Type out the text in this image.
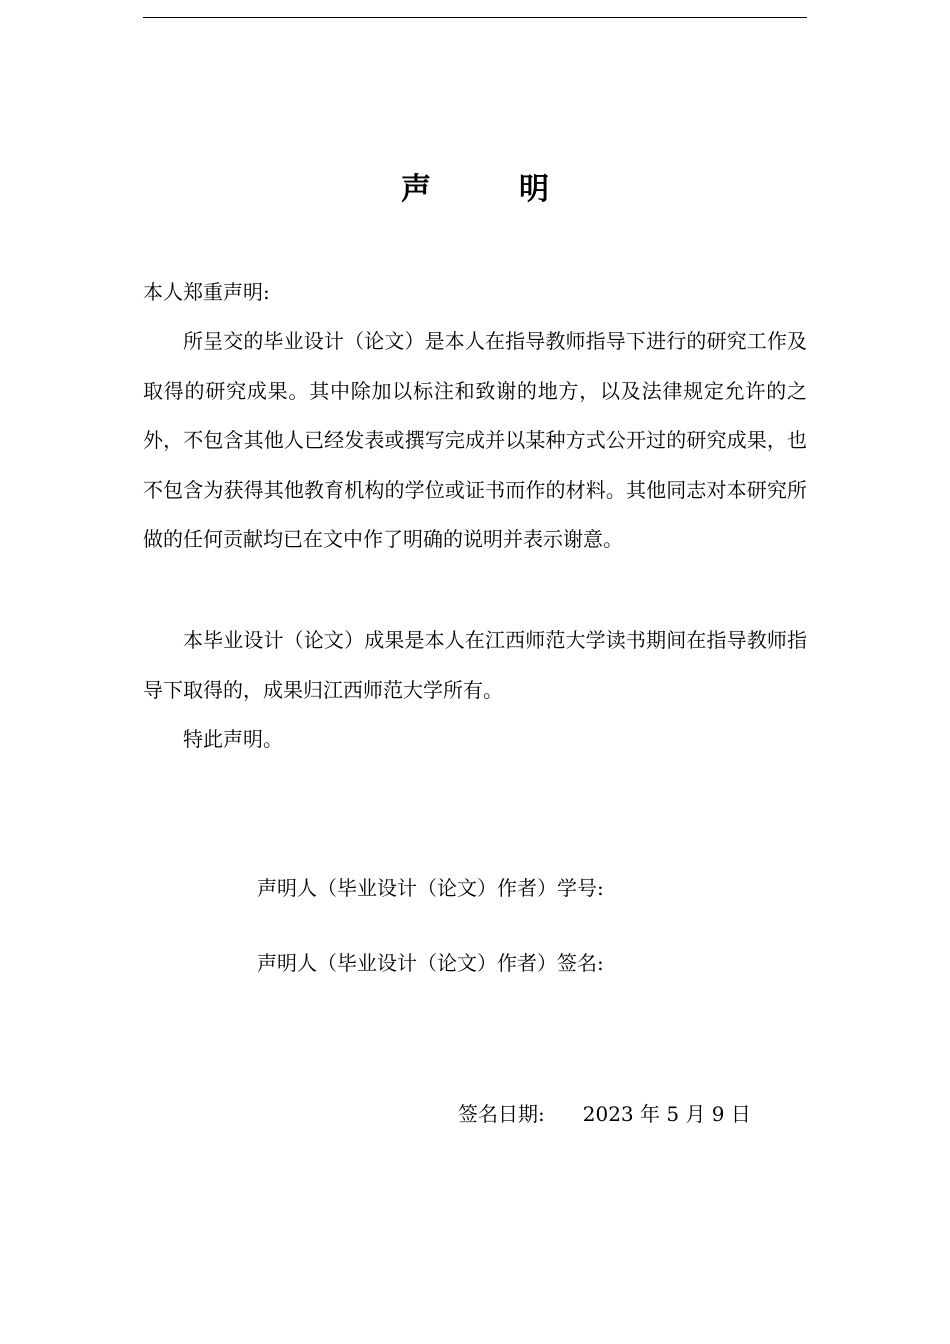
声	明
本人郑重声明:

所呈交的毕业设计（论文）是本人在指导教师指导下进行的研究工作及取得的研究成果。其中除加以标注和致谢的地方，以及法律规定允许的之外，不包含其他人已经发表或撰写完成并以某种方式公开过的研究成果，也不包含为获得其他教育机构的学位或证书而作的材料。其他同志对本研究所做的任何贡献均已在文中作了明确的说明并表示谢意。

本毕业设计（论文）成果是本人在江西师范大学读书期间在指导教师指导下取得的，成果归江西师范大学所有。

特此声明。

声明人（毕业设计（论文）作者）学号:
声明人（毕业设计（论文）作者）签名:
签名日期: 2023 年 5 月 9 日
